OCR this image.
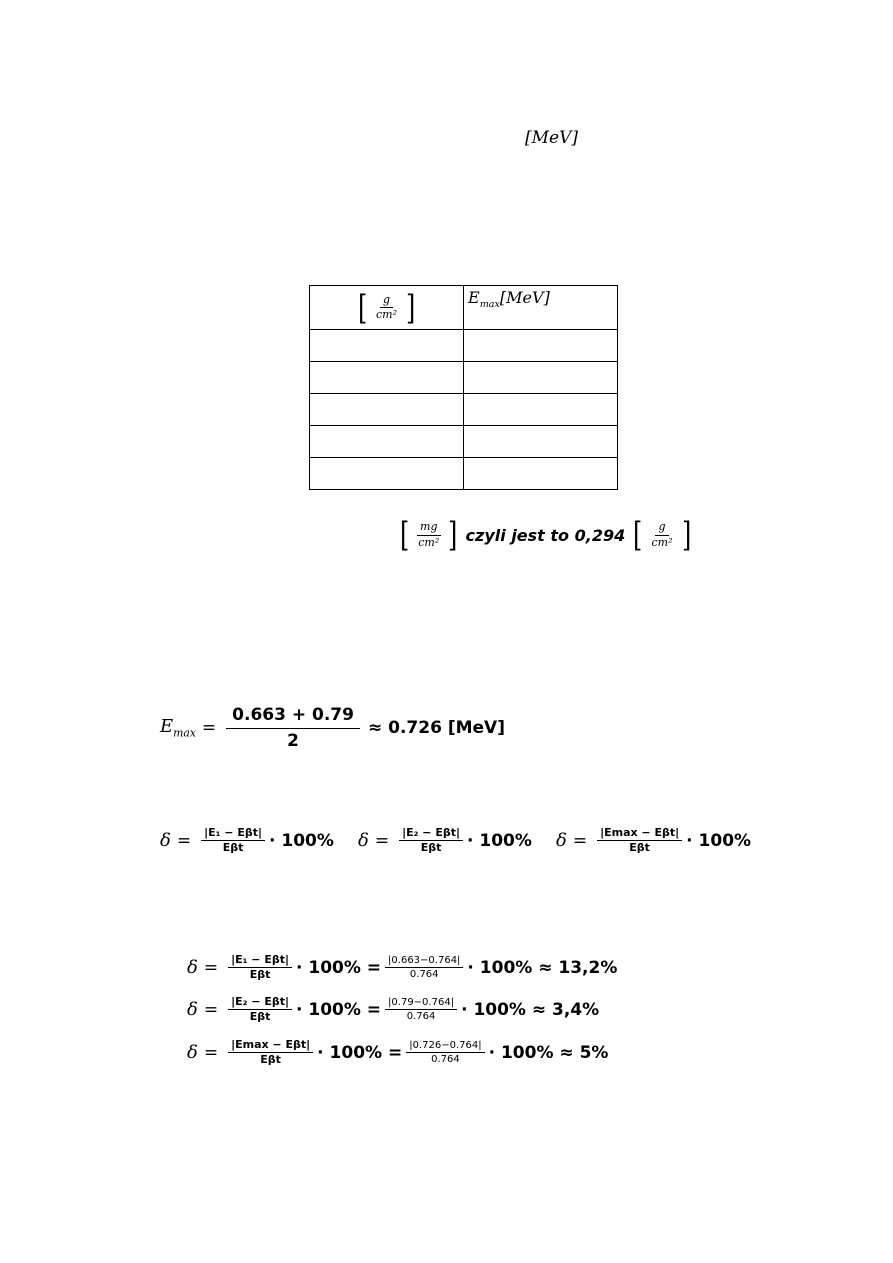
[MeV]
[ $\frac{g}{\text{cm²}}$ ]	$E_{max}[MeV]$

[ $\frac{mg}{\text{cm²}}$ ] czyli jest to 0,294 [ $\frac{g}{\text{cm²}}$ ]
$E_{max} = \frac{0.663 + 0.79}{2} \approx 0.726$ [MeV]
$\delta = \frac{\text{|E₁ − Eβt|}}{\text{Eβt}} \cdot 100\%$ $\delta = \frac{\text{|E₂ − Eβt|}}{\text{Eβt}} \cdot 100\%$ $\delta = \frac{\text{|Emax − Eβt|}}{\text{Eβt}} \cdot 100\%$
$\delta = \frac{\text{|E₁ − Eβt|}}{\text{Eβt}} \cdot 100\% = \frac{|0.663-0.764|}{0.764} \cdot 100\% \approx 13,2\%$
$\delta = \frac{\text{|E₂ − Eβt|}}{\text{Eβt}} \cdot 100\% = \frac{|0.79-0.764|}{0.764} \cdot 100\% \approx 3,4\%$
$\delta = \frac{\text{|Emax − Eβt|}}{\text{Eβt}} \cdot 100\% = \frac{|0.726-0.764|}{0.764} \cdot 100\% \approx 5\%$
